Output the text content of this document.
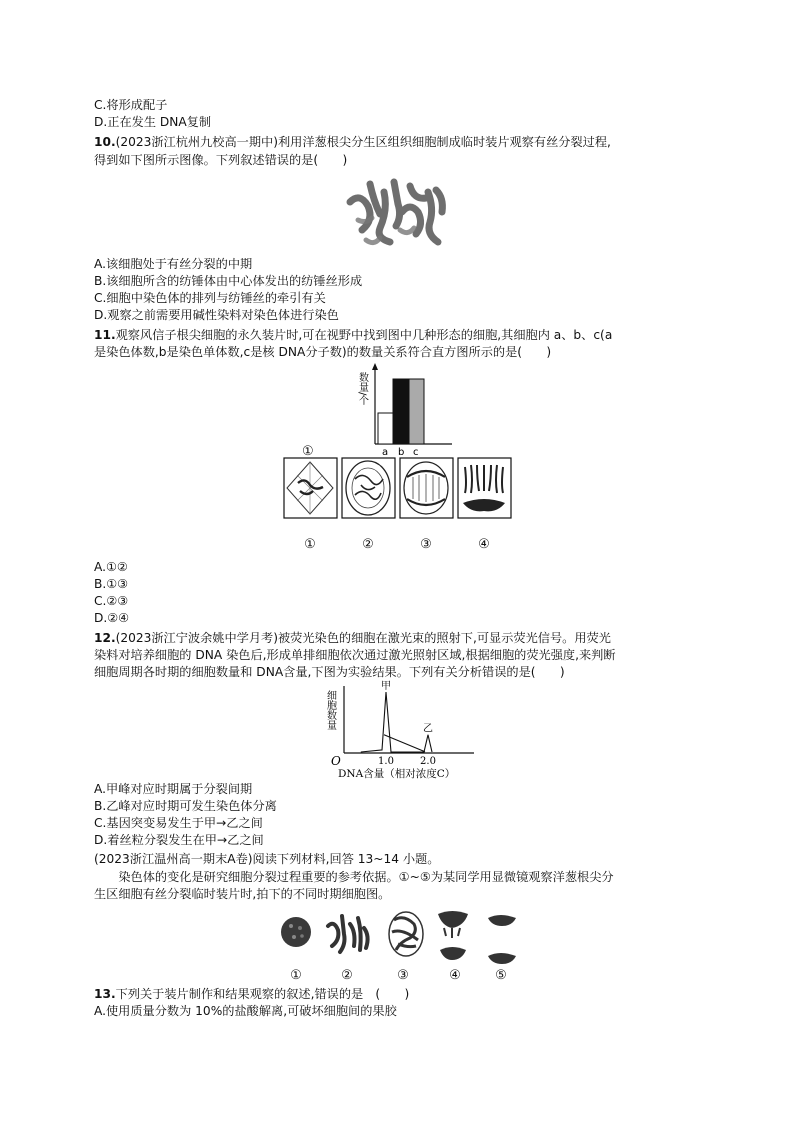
C.将形成配子
D.正在发生 DNA复制
10.(2023浙江杭州九校高一期中)利用洋葱根尖分生区组织细胞制成临时装片观察有丝分裂过程,
得到如下图所示图像。下列叙述错误的是(　　)
A.该细胞处于有丝分裂的中期
B.该细胞所含的纺锤体由中心体发出的纺锤丝形成
C.细胞中染色体的排列与纺锤丝的牵引有关
D.观察之前需要用碱性染料对染色体进行染色
11.观察风信子根尖细胞的永久装片时,可在视野中找到图中几种形态的细胞,其细胞内 a、b、c(a
是染色体数,b是染色单体数,c是核 DNA分子数)的数量关系符合直方图所示的是(　　)
数量/个
a b c
①
①	②	③	④
A.①②
B.①③
C.②③
D.②④
12.(2023浙江宁波余姚中学月考)被荧光染色的细胞在激光束的照射下,可显示荧光信号。用荧光
染料对培养细胞的 DNA 染色后,形成单排细胞依次通过激光照射区域,根据细胞的荧光强度,来判断
细胞周期各时期的细胞数量和 DNA含量,下图为实验结果。下列有关分析错误的是(　　)
细胞数量
O	1.0	2.0
DNA含量（相对浓度C）
甲
乙
A.甲峰对应时期属于分裂间期
B.乙峰对应时期可发生染色体分离
C.基因突变易发生于甲→乙之间
D.着丝粒分裂发生在甲→乙之间
(2023浙江温州高一期末A卷)阅读下列材料,回答 13~14 小题。
　　染色体的变化是研究细胞分裂过程重要的参考依据。①~⑤为某同学用显微镜观察洋葱根尖分
生区细胞有丝分裂临时装片时,拍下的不同时期细胞图。
①	②	③	④	⑤
13.下列关于装片制作和结果观察的叙述,错误的是　(　　)
A.使用质量分数为 10%的盐酸解离,可破坏细胞间的果胶
